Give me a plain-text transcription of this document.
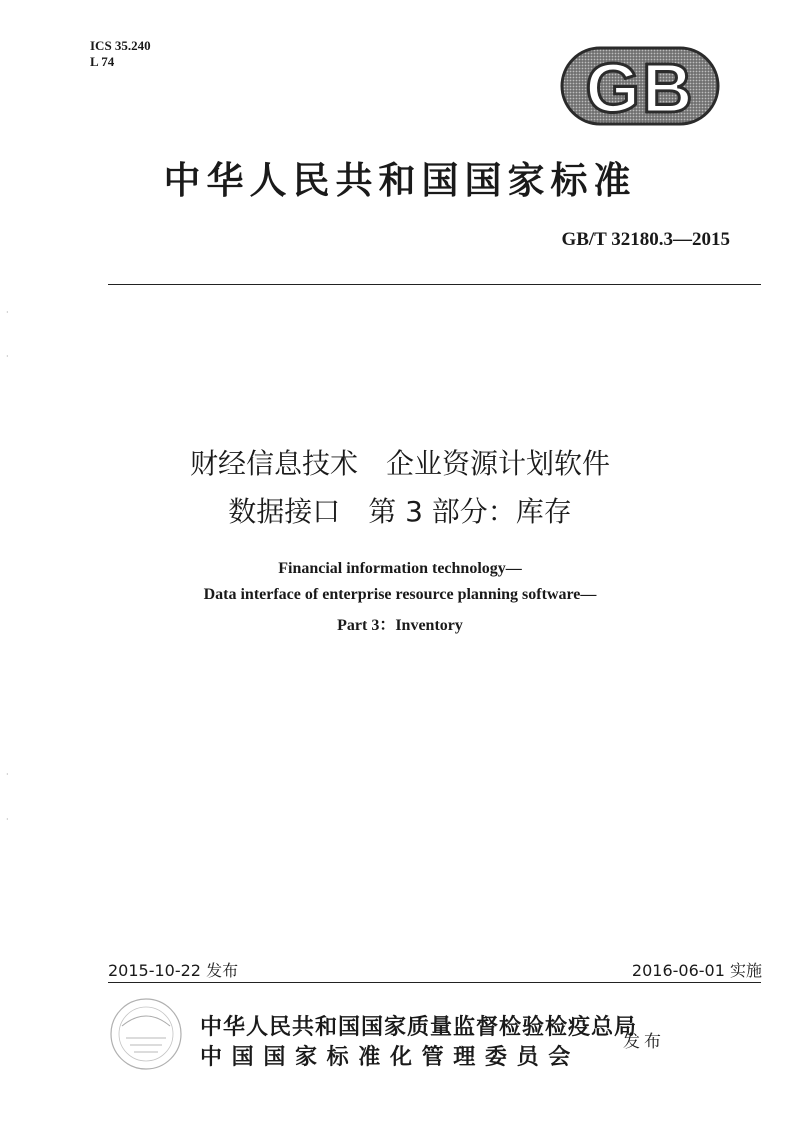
ICS 35.240
L 74	GB
中华人民共和国国家标准
GB/T 32180.3—2015
财经信息技术　企业资源计划软件
数据接口　第 3 部分：库存
Financial information technology—
Data interface of enterprise resource planning software—
Part 3：Inventory
·
·
·
·
2015-10-22 发布	2016-06-01 实施
中华人民共和国国家质量监督检验检疫总局
中 国 国 家 标 准 化 管 理 委 员 会
发布
